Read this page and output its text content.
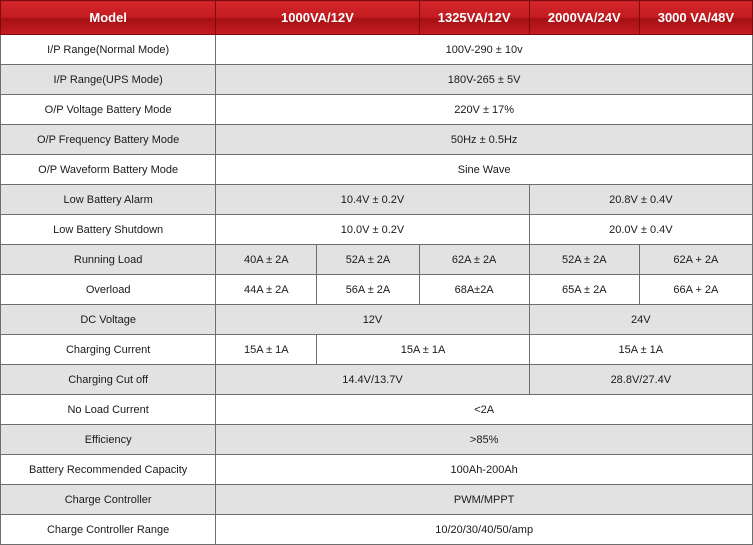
Model	1000VA/12V		1325VA/12V	2000VA/24V	3000 VA/48V
I/P Range(Normal Mode)	100V-290 ± 10v				
I/P Range(UPS Mode)	180V-265 ± 5V				
O/P Voltage Battery Mode	220V ± 17%				
O/P Frequency Battery Mode	50Hz ± 0.5Hz				
O/P Waveform Battery Mode	Sine Wave				
Low Battery Alarm	10.4V ± 0.2V			20.8V ± 0.4V	
Low Battery Shutdown	10.0V ± 0.2V			20.0V ± 0.4V	
Running Load	40A ± 2A	52A ± 2A	62A ± 2A	52A ± 2A	62A + 2A
Overload	44A ± 2A	56A ± 2A	68A±2A	65A ± 2A	66A + 2A
DC Voltage	12V			24V	
Charging Current	15A ± 1A	15A ± 1A		15A ± 1A	
Charging Cut off	14.4V/13.7V			28.8V/27.4V	
No Load Current	<2A				
Efficiency	>85%				
Battery Recommended Capacity	100Ah-200Ah				
Charge Controller	PWM/MPPT				
Charge Controller Range	10/20/30/40/50/amp				
